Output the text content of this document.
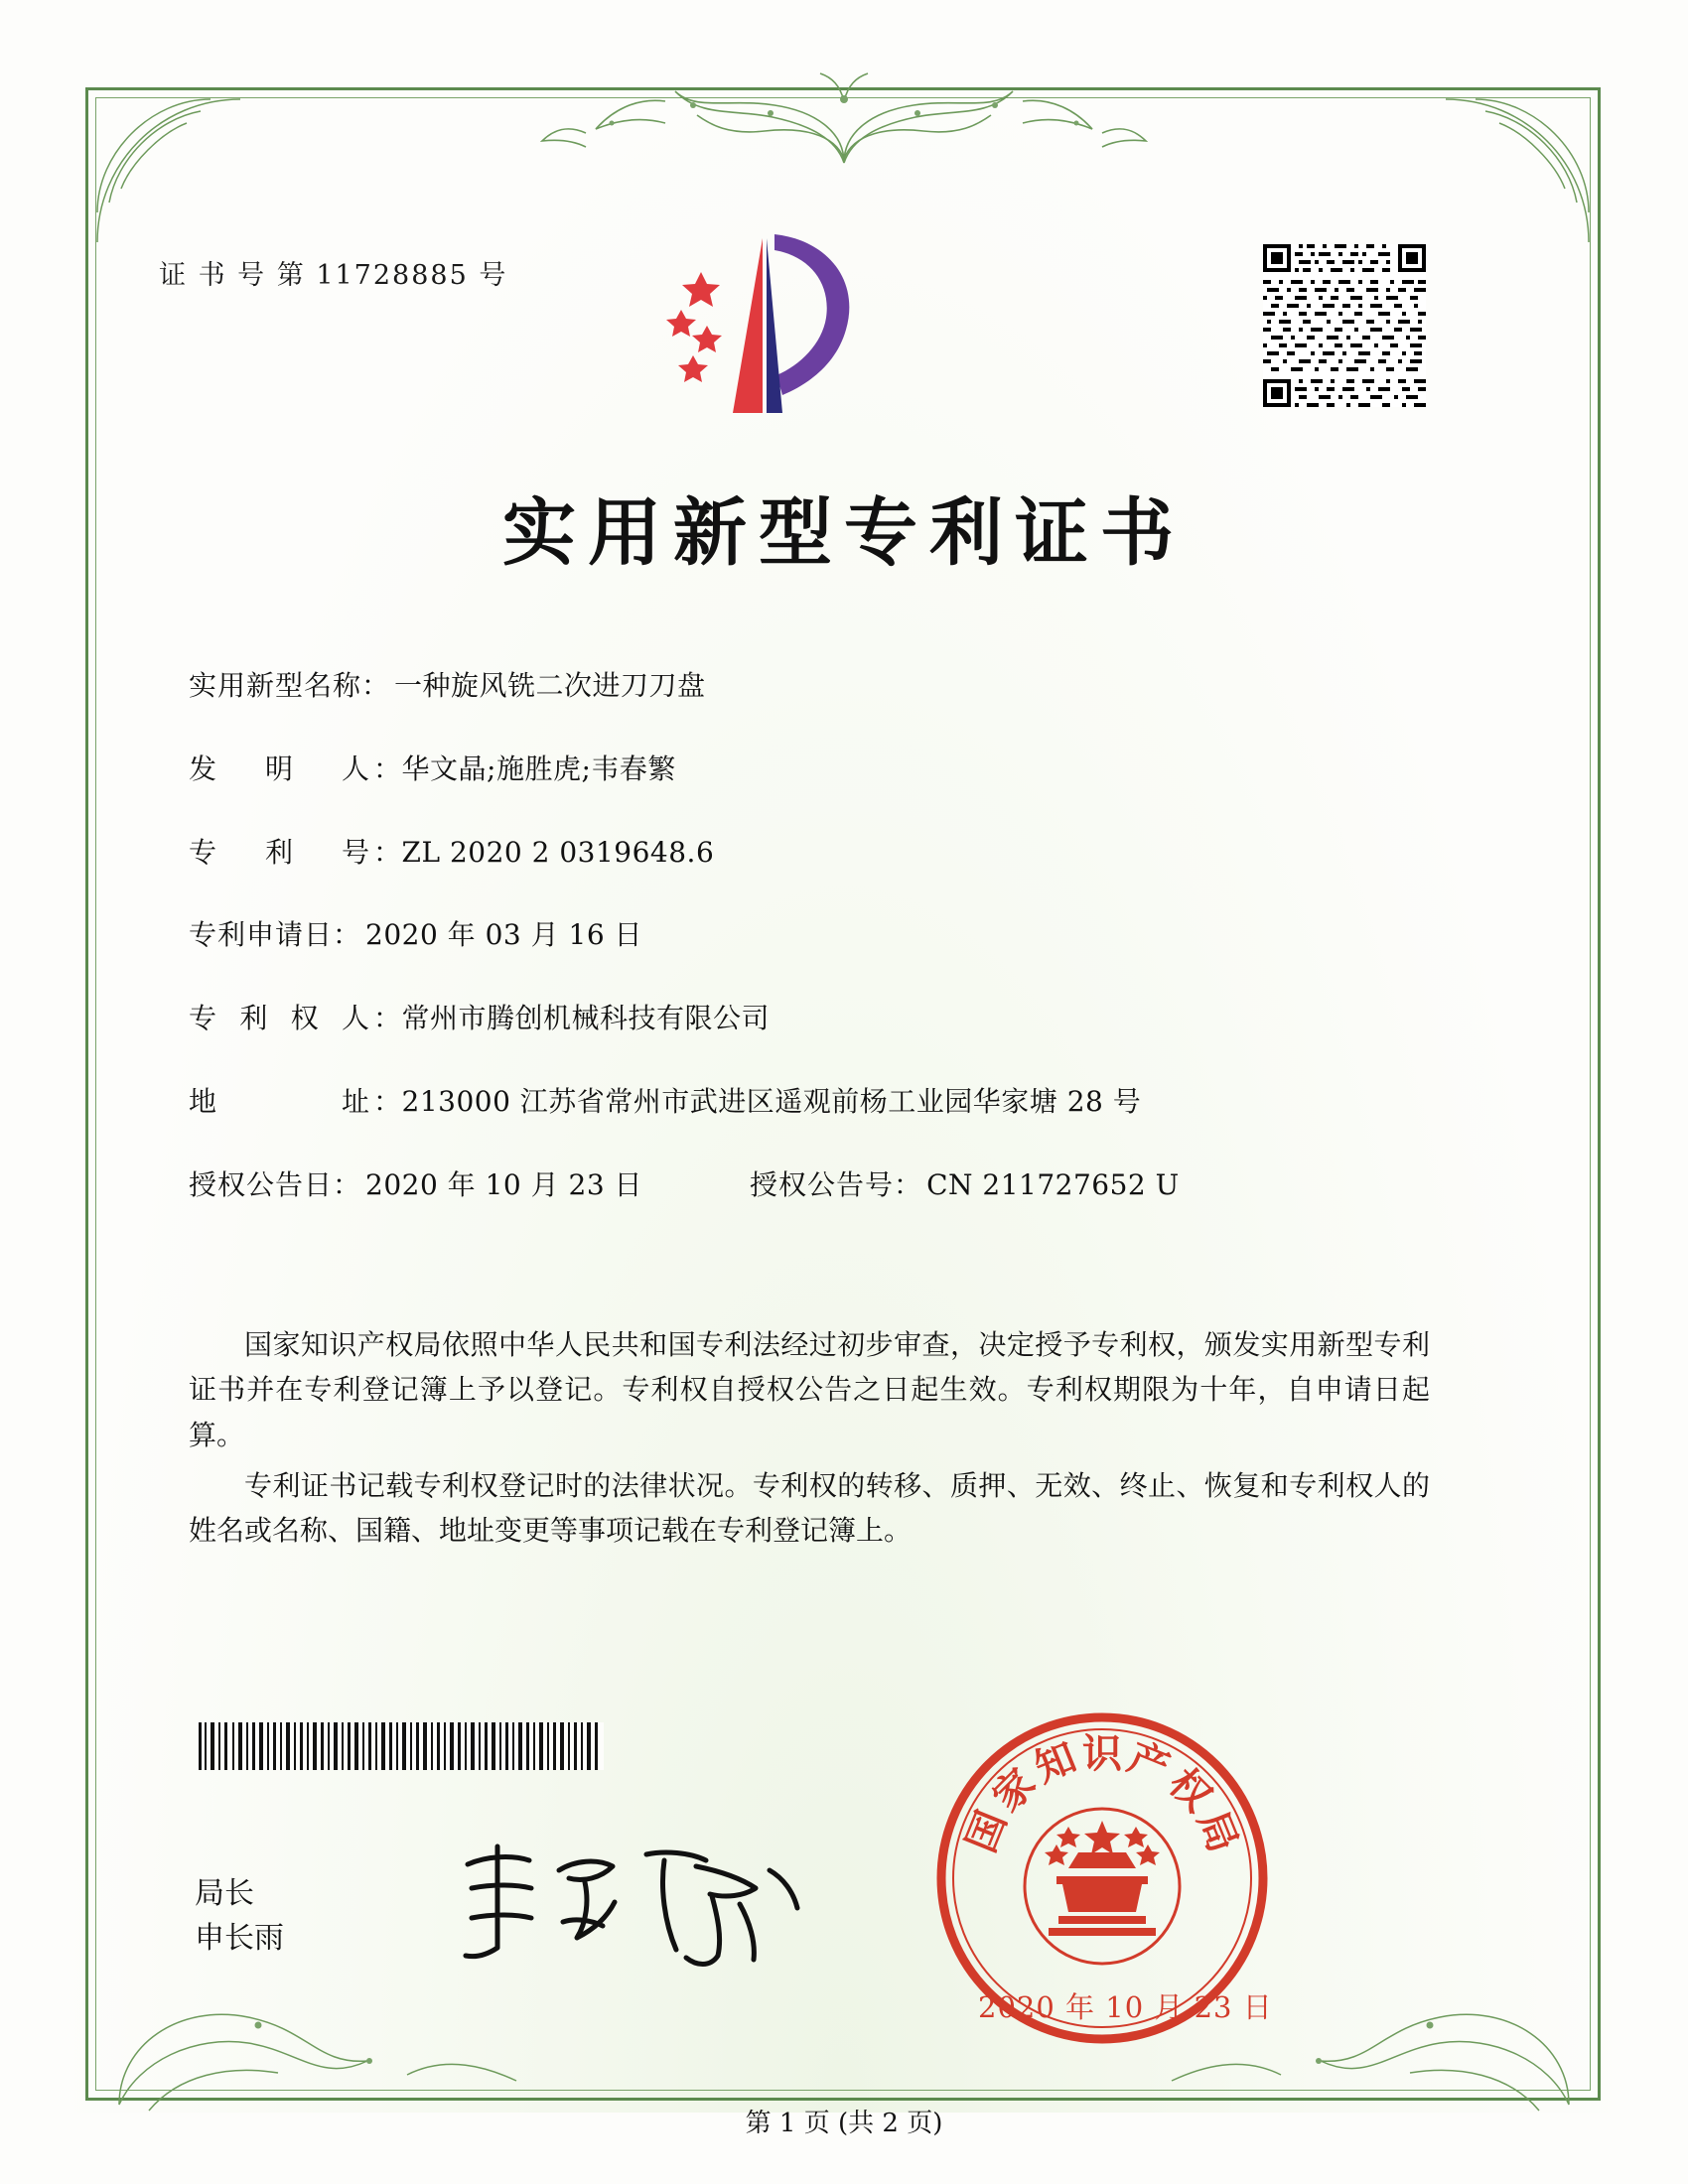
证 书 号 第 11728885 号
实用新型专利证书
实用新型名称： 一种旋风铣二次进刀刀盘
发明人 ：华文晶;施胜虎;韦春繁
专利号 ：ZL 2020 2 0319648.6
专利申请日： 2020 年 03 月 16 日
专利权人 ：常州市腾创机械科技有限公司
地址 ：213000 江苏省常州市武进区遥观前杨工业园华家塘 28 号
授权公告日： 2020 年 10 月 23 日	授权公告号： CN 211727652 U

国家知识产权局依照中华人民共和国专利法经过初步审查，决定授予专利权，颁发实用新型专利证书并在专利登记簿上予以登记。专利权自授权公告之日起生效。专利权期限为十年，自申请日起算。

专利证书记载专利权登记时的法律状况。专利权的转移、质押、无效、终止、恢复和专利权人的姓名或名称、国籍、地址变更等事项记载在专利登记簿上。

局长
申长雨
国
家
知 识 产
权
局
2020 年 10 月 23 日
第 1 页 (共 2 页)
